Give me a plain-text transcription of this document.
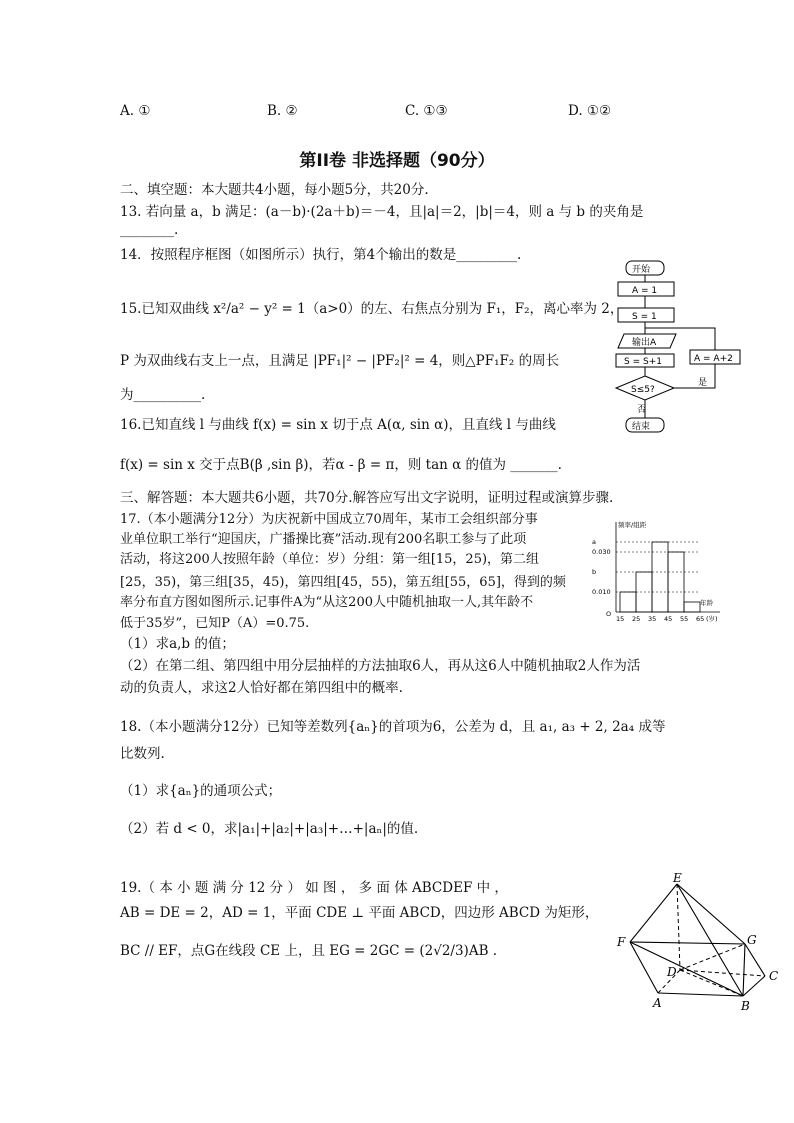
A. ①	B. ②	C. ①③	D. ①②
第II卷 非选择题（90分）
二、填空题：本大题共4小题，每小题5分，共20分.
13. 若向量 a，b 满足：(a－b)·(2a＋b)＝－4，且|a|＝2，|b|＝4，则 a 与 b 的夹角是
________.
14．按照程序框图（如图所示）执行，第4个输出的数是_________.
15.已知双曲线 x²/a² − y² = 1（a>0）的左、右焦点分别为 F₁，F₂，离心率为 2，
P 为双曲线右支上一点，且满足 |PF₁|² − |PF₂|² = 4，则△PF₁F₂ 的周长
为__________.
16.已知直线 l 与曲线 f(x) = sin x 切于点 A(α, sin α)，且直线 l 与曲线
f(x) = sin x 交于点B(β ,sin β)，若α - β = π，则 tan α 的值为 _______.
三、解答题：本大题共6小题，共70分.解答应写出文字说明，证明过程或演算步骤.
17.（本小题满分12分）为庆祝新中国成立70周年，某市工会组织部分事
业单位职工举行“迎国庆，广播操比赛”活动.现有200名职工参与了此项
活动，将这200人按照年龄（单位：岁）分组：第一组[15，25)，第二组
[25，35)，第三组[35，45)，第四组[45，55)，第五组[55，65]，得到的频
率分布直方图如图所示.记事件A为“从这200人中随机抽取一人,其年龄不
低于35岁”，已知P（A）=0.75.
（1）求a,b 的值；
（2）在第二组、第四组中用分层抽样的方法抽取6人，再从这6人中随机抽取2人作为活
动的负责人，求这2人恰好都在第四组中的概率.
18.（本小题满分12分）已知等差数列{aₙ}的首项为6，公差为 d，且 a₁, a₃ + 2, 2a₄ 成等
比数列.
（1）求{aₙ}的通项公式；
（2）若 d < 0，求|a₁|+|a₂|+|a₃|+…+|aₙ|的值.
19.（ 本 小 题 满 分 12 分 ） 如 图 ， 多 面 体 ABCDEF 中 ，
AB = DE = 2，AD = 1，平面 CDE ⊥ 平面 ABCD，四边形 ABCD 为矩形，
BC // EF，点G在线段 CE 上，且 EG = 2GC = (2√2/3)AB .
开始
A = 1
S = 1
输出A
S = S+1
S≤5?
A = A+2
是
否
结束
O
频率/组距
年龄
a
0.030
b
0.010
15 25 35 45 55 65 (岁)
E
F	G
D	C
A	B
